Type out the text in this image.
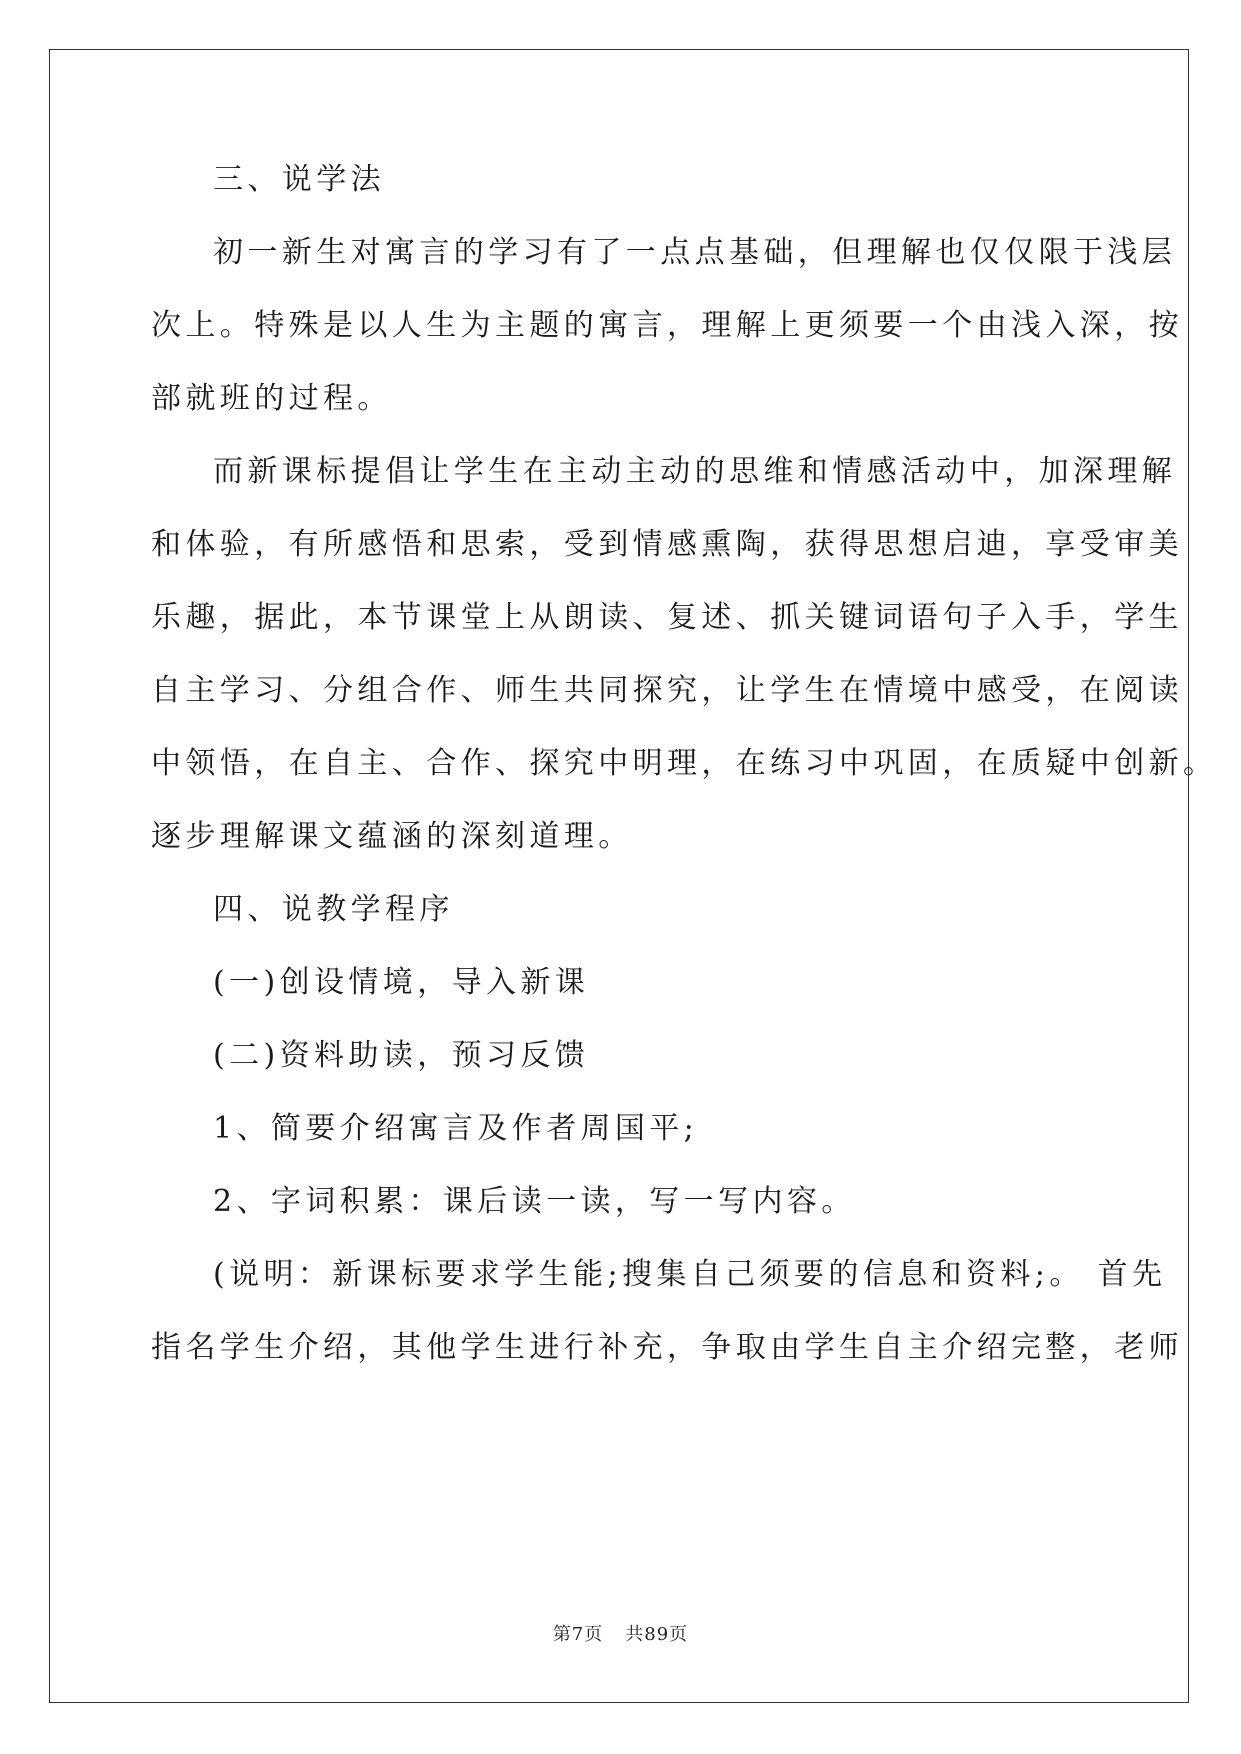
三、说学法
初一新生对寓言的学习有了一点点基础，但理解也仅仅限于浅层
次上。特殊是以人生为主题的寓言，理解上更须要一个由浅入深，按
部就班的过程。
而新课标提倡让学生在主动主动的思维和情感活动中，加深理解
和体验，有所感悟和思索，受到情感熏陶，获得思想启迪，享受审美
乐趣，据此，本节课堂上从朗读、复述、抓关键词语句子入手，学生
自主学习、分组合作、师生共同探究，让学生在情境中感受，在阅读
中领悟，在自主、合作、探究中明理，在练习中巩固，在质疑中创新。
逐步理解课文蕴涵的深刻道理。
四、说教学程序
(一)创设情境，导入新课
(二)资料助读，预习反馈
1、简要介绍寓言及作者周国平;
2、字词积累：课后读一读，写一写内容。
(说明：新课标要求学生能;搜集自己须要的信息和资料;。 首先
指名学生介绍，其他学生进行补充，争取由学生自主介绍完整，老师
第7页 共89页
